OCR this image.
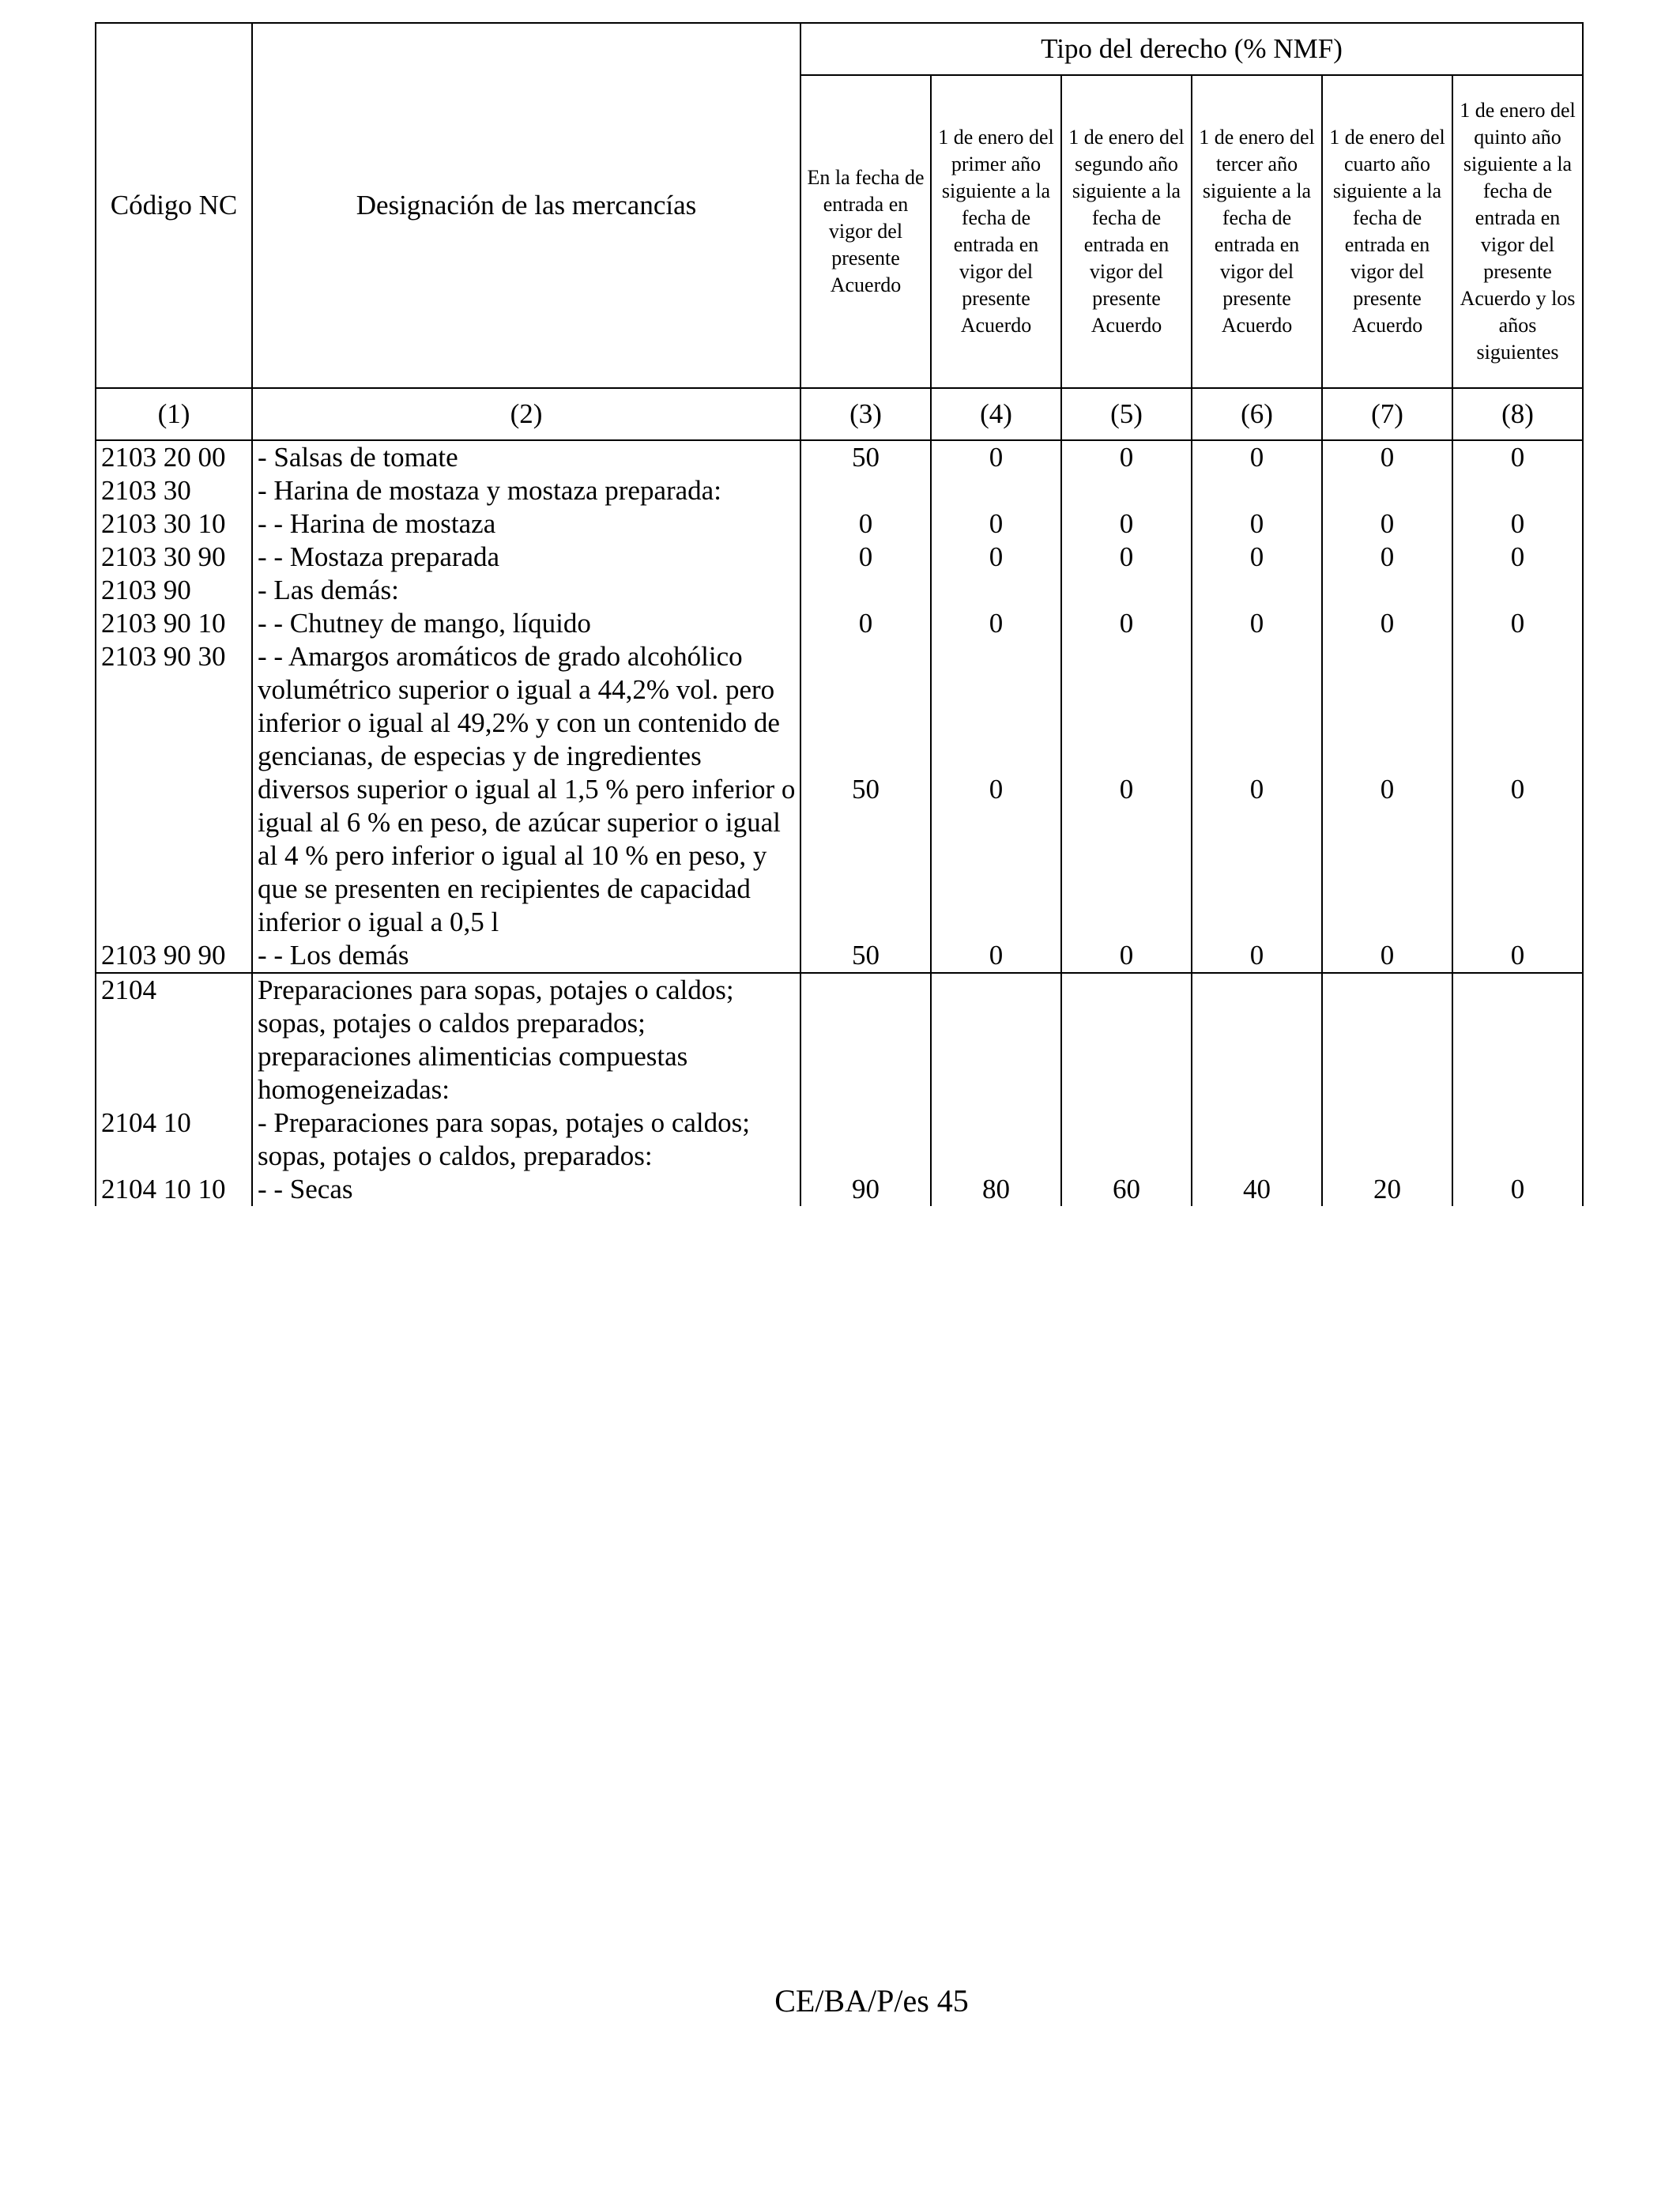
Código NC	Designación de las mercancías	Tipo del derecho (% NMF)					
		En la fecha de entrada en vigor del presente Acuerdo	1 de enero del primer año siguiente a la fecha de entrada en vigor del presente Acuerdo	1 de enero del segundo año siguiente a la fecha de entrada en vigor del presente Acuerdo	1 de enero del tercer año siguiente a la fecha de entrada en vigor del presente Acuerdo	1 de enero del cuarto año siguiente a la fecha de entrada en vigor del presente Acuerdo	1 de enero del quinto año siguiente a la fecha de entrada en vigor del presente Acuerdo y los años siguientes
(1)	(2)	(3)	(4)	(5)	(6)	(7)	(8)
2103 20 00	- Salsas de tomate	50	0	0	0	0	0
2103 30	- Harina de mostaza y mostaza preparada:						
2103 30 10	- - Harina de mostaza	0	0	0	0	0	0
2103 30 90	- - Mostaza preparada	0	0	0	0	0	0
2103 90	- Las demás:						
2103 90 10	- - Chutney de mango, líquido	0	0	0	0	0	0
2103 90 30	- - Amargos aromáticos de grado alcohólico volumétrico superior o igual a 44,2% vol. pero inferior o igual al 49,2% y con un contenido de gencianas, de especias y de ingredientes diversos superior o igual al 1,5 % pero inferior o igual al 6 % en peso, de azúcar superior o igual al 4 % pero inferior o igual al 10 % en peso, y que se presenten en recipientes de capacidad inferior o igual a 0,5 l	50	0	0	0	0	0
2103 90 90	- - Los demás	50	0	0	0	0	0
2104	Preparaciones para sopas, potajes o caldos; sopas, potajes o caldos preparados; preparaciones alimenticias compuestas homogeneizadas:						
2104 10	- Preparaciones para sopas, potajes o caldos; sopas, potajes o caldos, preparados:						
2104 10 10	- - Secas	90	80	60	40	20	0
CE/BA/P/es 45
